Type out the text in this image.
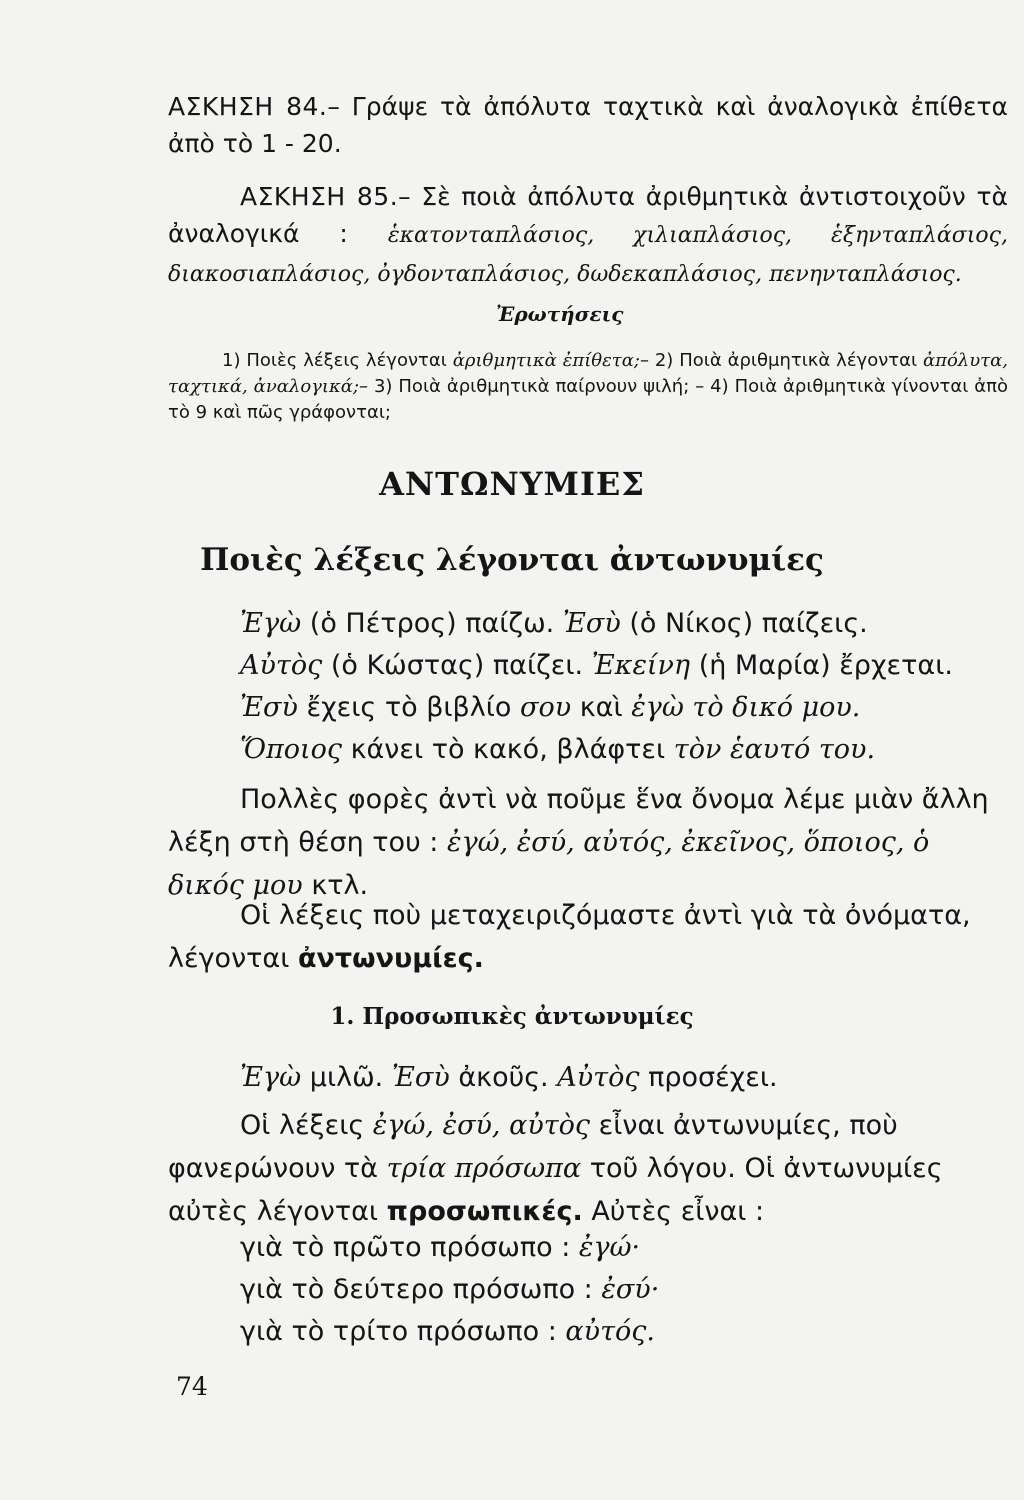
ΑΣΚΗΣΗ 84.– Γράψε τὰ ἀπόλυτα ταχτικὰ καὶ ἀναλογικὰ ἐπίθετα ἀπὸ τὸ 1 - 20.
ΑΣΚΗΣΗ 85.– Σὲ ποιὰ ἀπόλυτα ἀριθμητικὰ ἀντιστοιχοῦν τὰ ἀναλογικά : ἑκατονταπλάσιος, χιλιαπλάσιος, ἑξηνταπλάσιος, διακοσιαπλάσιος, ὀγδονταπλάσιος, δωδεκαπλάσιος, πενηνταπλάσιος.
Ἐρωτήσεις
1) Ποιὲς λέξεις λέγονται ἀριθμητικὰ ἐπίθετα;– 2) Ποιὰ ἀριθμητικὰ λέγονται ἀπόλυτα, ταχτικά, ἀναλογικά;– 3) Ποιὰ ἀριθμητικὰ παίρνουν ψιλή; – 4) Ποιὰ ἀριθμητικὰ γίνονται ἀπὸ τὸ 9 καὶ πῶς γράφονται;
ΑΝΤΩΝΥΜΙΕΣ
Ποιὲς λέξεις λέγονται ἀντωνυμίες
Ἐγὼ (ὁ Πέτρος) παίζω. Ἐσὺ (ὁ Νίκος) παίζεις.
Αὐτὸς (ὁ Κώστας) παίζει. Ἐκείνη (ἡ Μαρία) ἔρχεται.
Ἐσὺ ἔχεις τὸ βιβλίο σου καὶ ἐγὼ τὸ δικό μου.
Ὅποιος κάνει τὸ κακό, βλάφτει τὸν ἑαυτό του.
Πολλὲς φορὲς ἀντὶ νὰ ποῦμε ἕνα ὄνομα λέμε μιὰν ἄλλη λέξη στὴ θέση του : ἐγώ, ἐσύ, αὐτός, ἐκεῖνος, ὅποιος, ὁ δικός μου κτλ.
Οἱ λέξεις ποὺ μεταχειριζόμαστε ἀντὶ γιὰ τὰ ὀνόματα, λέγονται ἀντωνυμίες.
1. Προσωπικὲς ἀντωνυμίες
Ἐγὼ μιλῶ. Ἐσὺ ἀκοῦς. Αὐτὸς προσέχει.
Οἱ λέξεις ἐγώ, ἐσύ, αὐτὸς εἶναι ἀντωνυμίες, ποὺ φανερώνουν τὰ τρία πρόσωπα τοῦ λόγου. Οἱ ἀντωνυμίες αὐτὲς λέγονται προσωπικές. Αὐτὲς εἶναι :
γιὰ τὸ πρῶτο πρόσωπο : ἐγώ·
γιὰ τὸ δεύτερο πρόσωπο : ἐσύ·
γιὰ τὸ τρίτο πρόσωπο : αὐτός.
74
